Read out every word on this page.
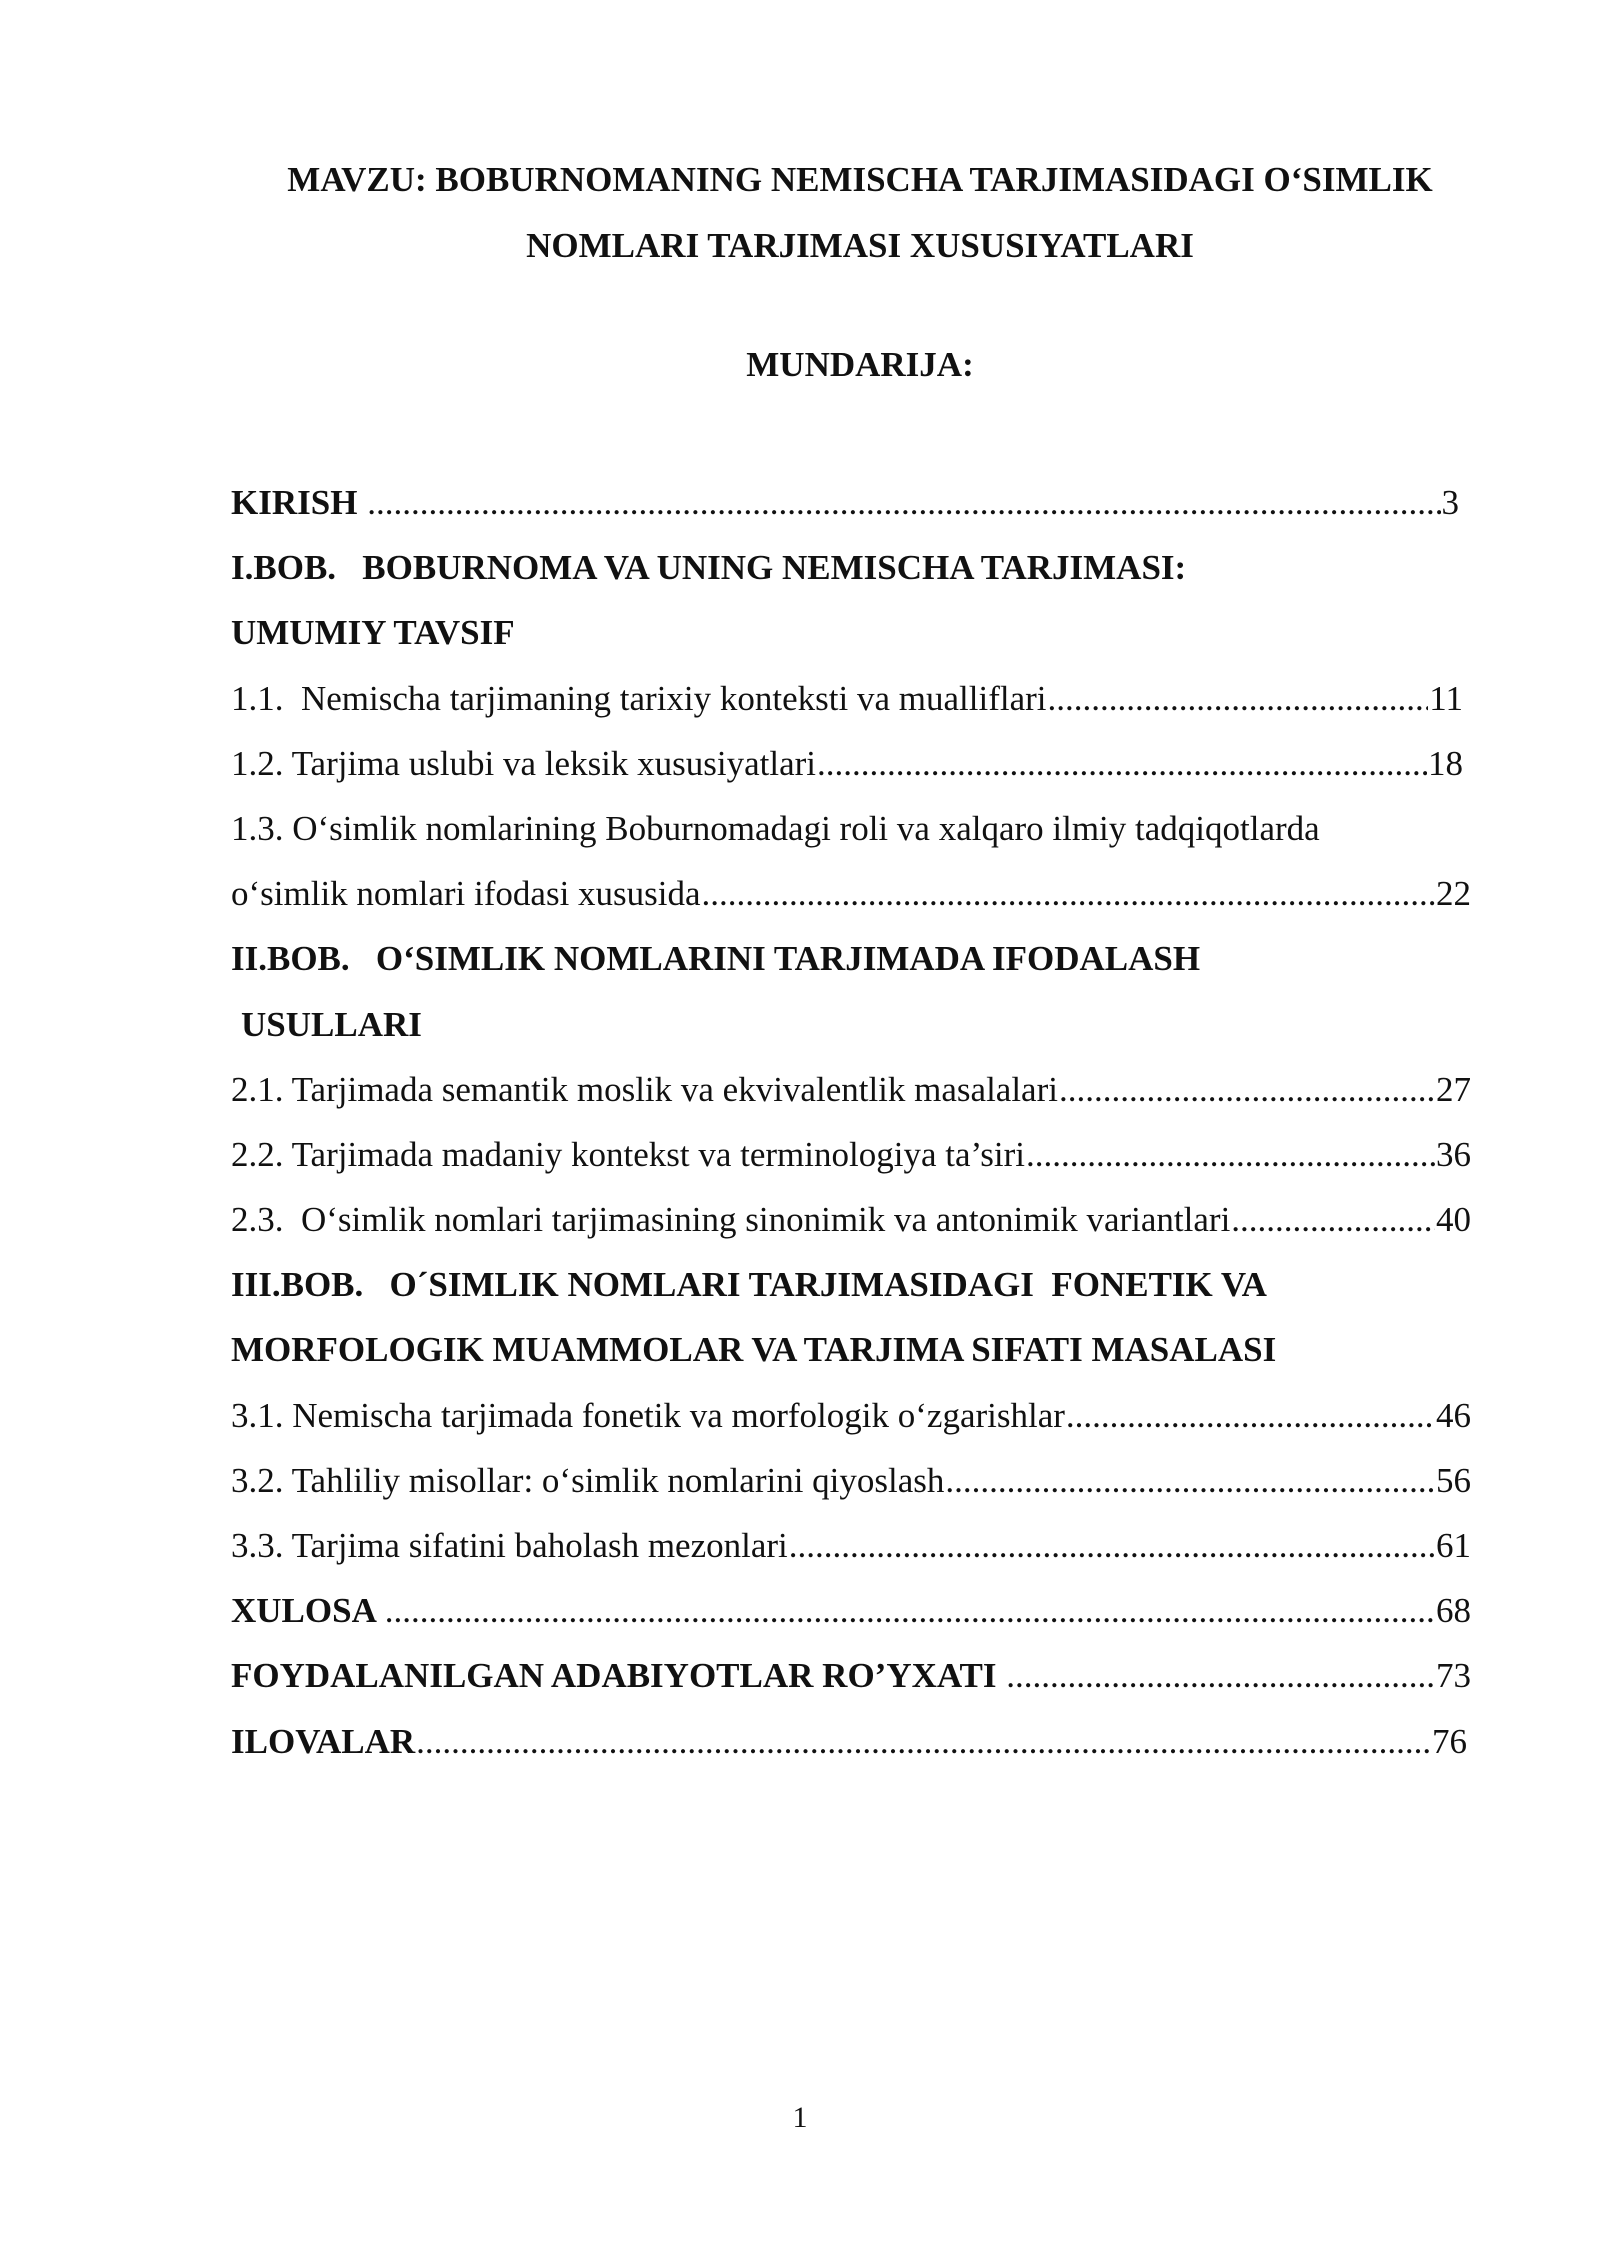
MAVZU: BOBURNOMANING NEMISCHA TARJIMASIDAGI O‘SIMLIK
NOMLARI TARJIMASI XUSUSIYATLARI
MUNDARIJA:
KIRISH .....	3
I.BOB.   BOBURNOMA VA UNING NEMISCHA TARJIMASI:
UMUMIY TAVSIF
1.1.  Nemischa tarjimaning tarixiy konteksti va mualliflari .....	11
1.2. Tarjima uslubi va leksik xususiyatlari .....	18
1.3. O‘simlik nomlarining Boburnomadagi roli va xalqaro ilmiy tadqiqotlarda
o‘simlik nomlari ifodasi xususida .....	22
II.BOB.   O‘SIMLIK NOMLARINI TARJIMADA IFODALASH
USULLARI
2.1. Tarjimada semantik moslik va ekvivalentlik masalalari .....	27
2.2. Tarjimada madaniy kontekst va terminologiya ta’siri .....	36
2.3.  O‘simlik nomlari tarjimasining sinonimik va antonimik variantlari .....	40
III.BOB.   O´SIMLIK NOMLARI TARJIMASIDAGI  FONETIK VA
MORFOLOGIK MUAMMOLAR VA TARJIMA SIFATI MASALASI
3.1. Nemischa tarjimada fonetik va morfologik o‘zgarishlar .....	46
3.2. Tahliliy misollar: o‘simlik nomlarini qiyoslash .....	56
3.3. Tarjima sifatini baholash mezonlari .....	61
XULOSA .....	68
FOYDALANILGAN ADABIYOTLAR RO’YXATI .....	73
ILOVALAR .....	76
1
